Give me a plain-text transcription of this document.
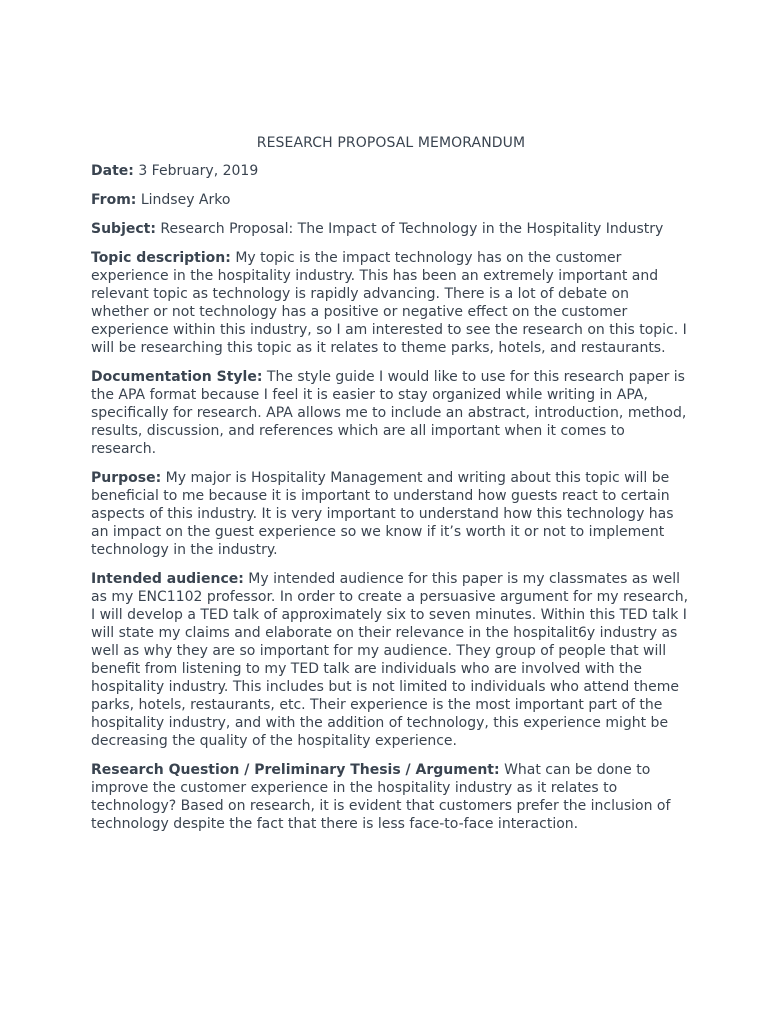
RESEARCH PROPOSAL MEMORANDUM

Date: 3 February, 2019

From: Lindsey Arko

Subject: Research Proposal: The Impact of Technology in the Hospitality Industry

Topic description: My topic is the impact technology has on the customer experience in the hospitality industry. This has been an extremely important and relevant topic as technology is rapidly advancing. There is a lot of debate on whether or not technology has a positive or negative effect on the customer experience within this industry, so I am interested to see the research on this topic. I will be researching this topic as it relates to theme parks, hotels, and restaurants.

Documentation Style: The style guide I would like to use for this research paper is the APA format because I feel it is easier to stay organized while writing in APA, specifically for research. APA allows me to include an abstract, introduction, method, results, discussion, and references which are all important when it comes to research.

Purpose: My major is Hospitality Management and writing about this topic will be beneficial to me because it is important to understand how guests react to certain aspects of this industry. It is very important to understand how this technology has an impact on the guest experience so we know if it’s worth it or not to implement technology in the industry.

Intended audience: My intended audience for this paper is my classmates as well as my ENC1102 professor. In order to create a persuasive argument for my research, I will develop a TED talk of approximately six to seven minutes. Within this TED talk I will state my claims and elaborate on their relevance in the hospitalit6y industry as well as why they are so important for my audience. They group of people that will benefit from listening to my TED talk are individuals who are involved with the hospitality industry. This includes but is not limited to individuals who attend theme parks, hotels, restaurants, etc. Their experience is the most important part of the hospitality industry, and with the addition of technology, this experience might be decreasing the quality of the hospitality experience.

Research Question / Preliminary Thesis / Argument: What can be done to improve the customer experience in the hospitality industry as it relates to technology? Based on research, it is evident that customers prefer the inclusion of technology despite the fact that there is less face-to-face interaction.
